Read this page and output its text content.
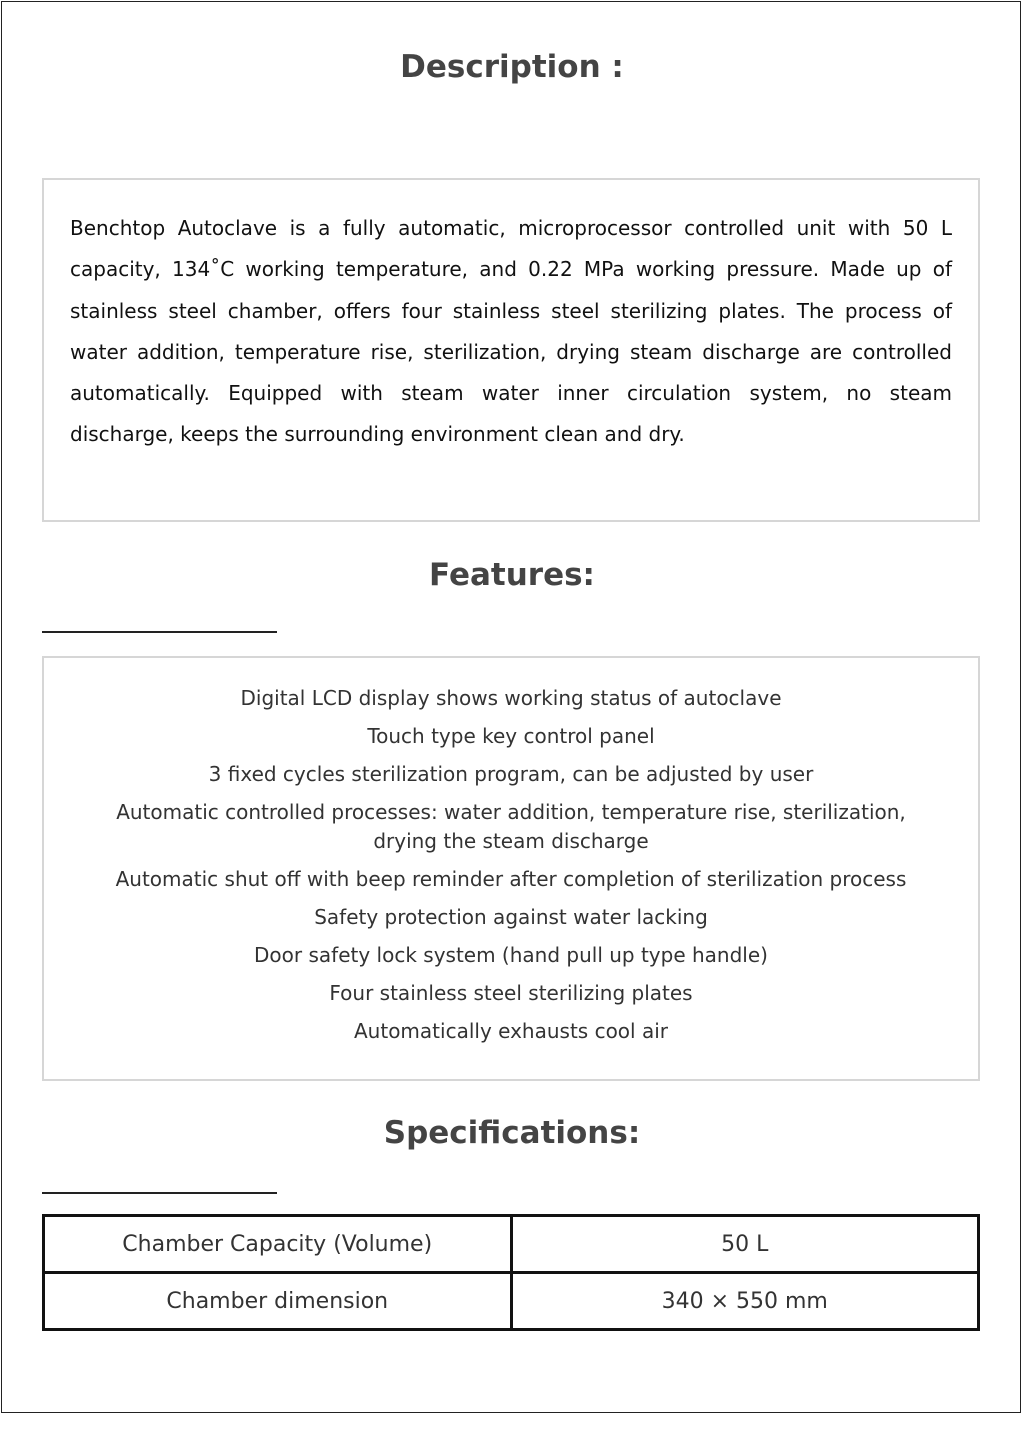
Description :

Benchtop Autoclave is a fully automatic, microprocessor controlled unit with 50 L capacity, 134˚C working temperature, and 0.22 MPa working pressure. Made up of stainless steel chamber, offers four stainless steel sterilizing plates. The process of water addition, temperature rise, sterilization, drying steam discharge are controlled automatically. Equipped with steam water inner circulation system, no steam discharge, keeps the surrounding environment clean and dry.

Features:
Digital LCD display shows working status of autoclave
Touch type key control panel
3 fixed cycles sterilization program, can be adjusted by user
Automatic controlled processes: water addition, temperature rise, sterilization, drying the steam discharge
Automatic shut off with beep reminder after completion of sterilization process
Safety protection against water lacking
Door safety lock system (hand pull up type handle)
Four stainless steel sterilizing plates
Automatically exhausts cool air
Specifications:
Chamber Capacity (Volume)	50 L
Chamber dimension	340 × 550 mm
